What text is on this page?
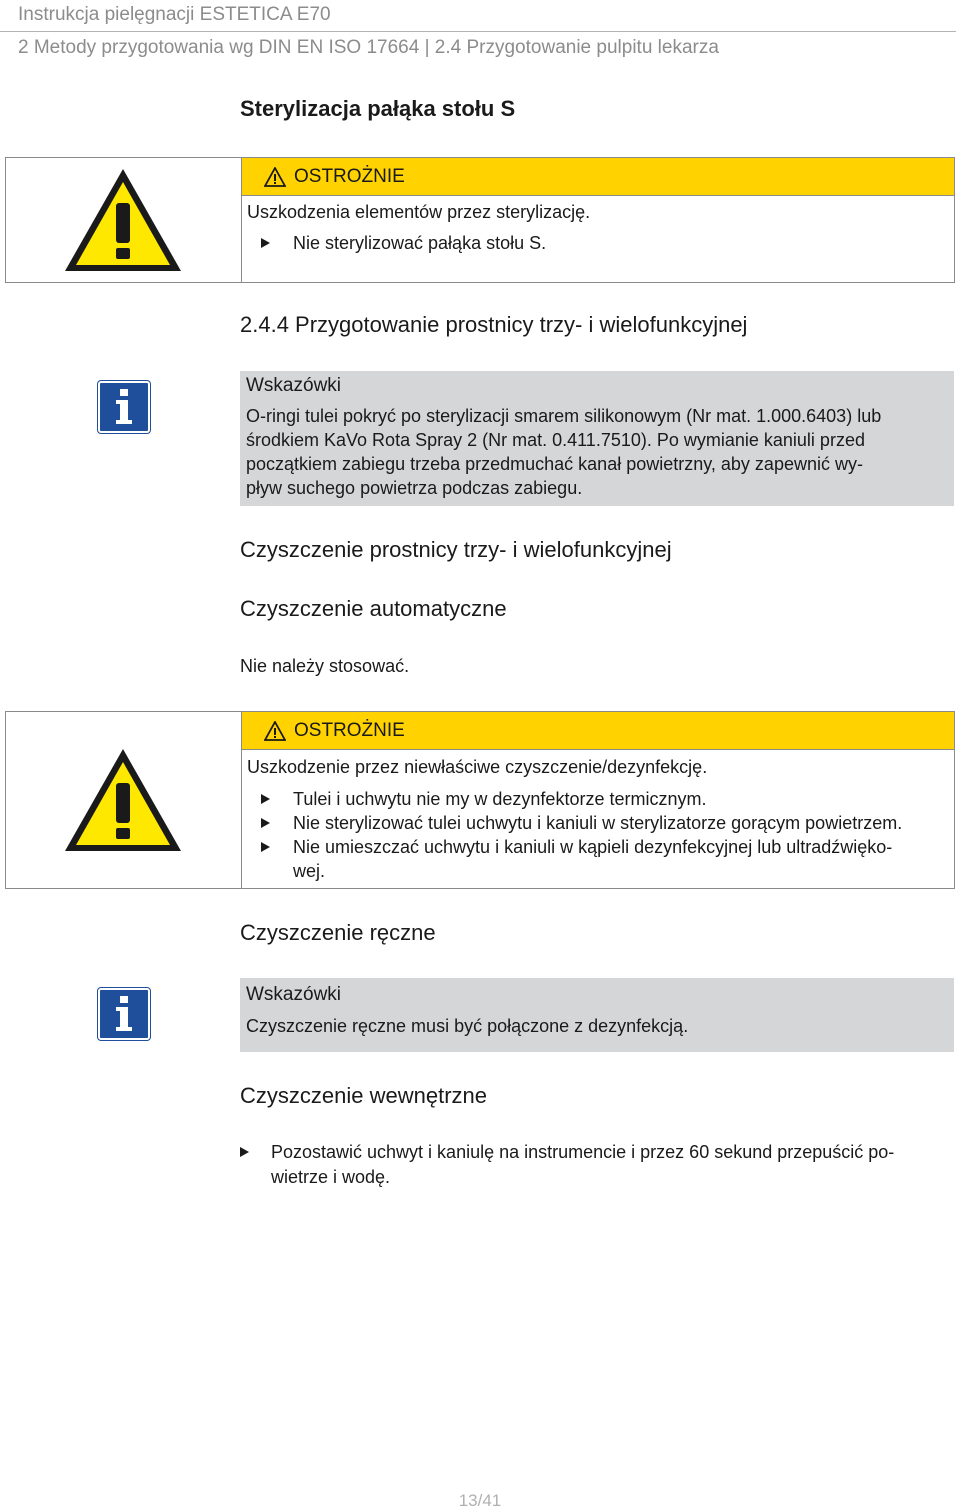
Instrukcja pielęgnacji ESTETICA E70
2 Metody przygotowania wg DIN EN ISO 17664 | 2.4 Przygotowanie pulpitu lekarza
Sterylizacja pałąka stołu S
OSTROŻNIE
Uszkodzenia elementów przez sterylizację.
Nie sterylizować pałąka stołu S.
2.4.4 Przygotowanie prostnicy trzy- i wielofunkcyjnej
Wskazówki
O-ringi tulei pokryć po sterylizacji smarem silikonowym (Nr mat. 1.000.6403) lub
środkiem KaVo Rota Spray 2 (Nr mat. 0.411.7510). Po wymianie kaniuli przed
początkiem zabiegu trzeba przedmuchać kanał powietrzny, aby zapewnić wy-
pływ suchego powietrza podczas zabiegu.
Czyszczenie prostnicy trzy- i wielofunkcyjnej
Czyszczenie automatyczne
Nie należy stosować.
OSTROŻNIE
Uszkodzenie przez niewłaściwe czyszczenie/dezynfekcję.
Tulei i uchwytu nie my w dezynfektorze termicznym.
Nie sterylizować tulei uchwytu i kaniuli w sterylizatorze gorącym powietrzem.
Nie umieszczać uchwytu i kaniuli w kąpieli dezynfekcyjnej lub ultradźwięko-
wej.
Czyszczenie ręczne
Wskazówki
Czyszczenie ręczne musi być połączone z dezynfekcją.
Czyszczenie wewnętrzne
Pozostawić uchwyt i kaniulę na instrumencie i przez 60 sekund przepuścić po-
wietrze i wodę.
13/41
